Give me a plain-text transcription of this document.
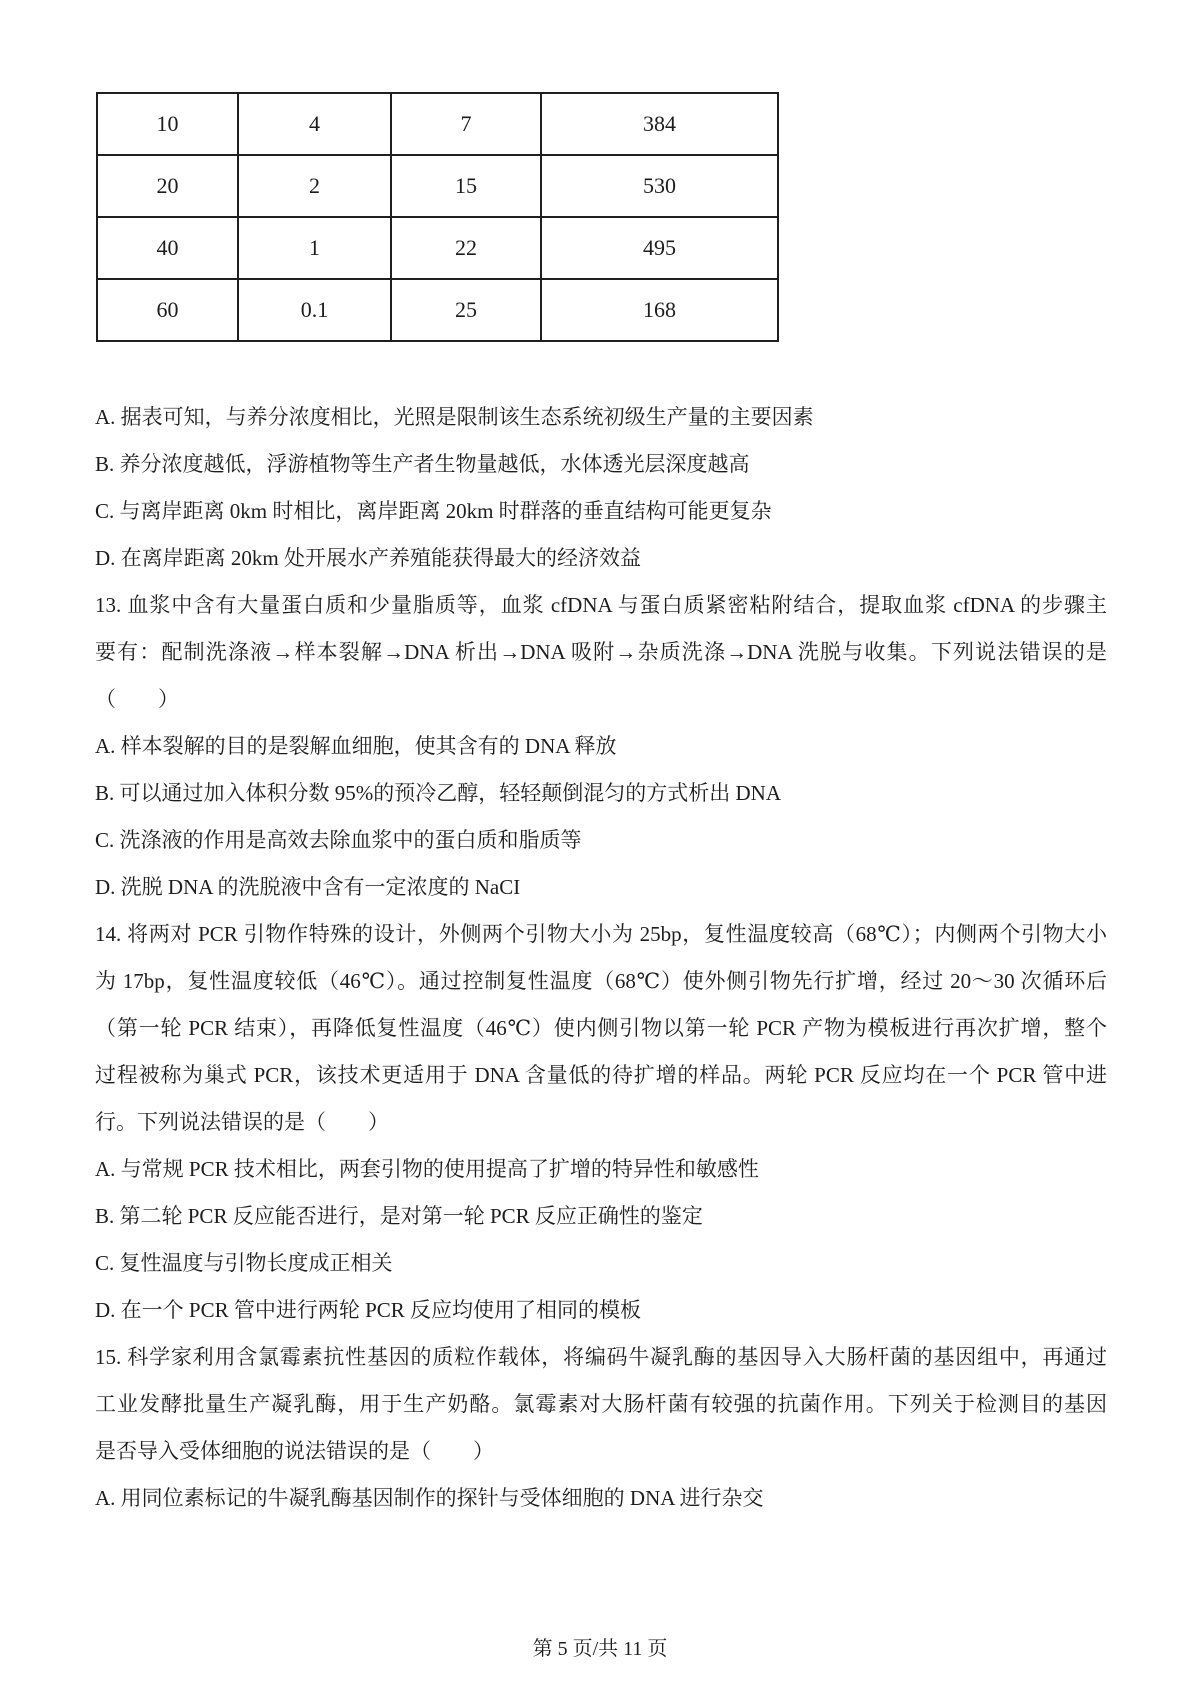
10	4	7	384
20	2	15	530
40	1	22	495
60	0.1	25	168
A. 据表可知，与养分浓度相比，光照是限制该生态系统初级生产量的主要因素
B. 养分浓度越低，浮游植物等生产者生物量越低，水体透光层深度越高
C. 与离岸距离 0km 时相比，离岸距离 20km 时群落的垂直结构可能更复杂
D. 在离岸距离 20km 处开展水产养殖能获得最大的经济效益
13. 血浆中含有大量蛋白质和少量脂质等，血浆 cfDNA 与蛋白质紧密粘附结合，提取血浆 cfDNA 的步骤主
要有：配制洗涤液→样本裂解→DNA 析出→DNA 吸附→杂质洗涤→DNA 洗脱与收集。下列说法错误的是
（　　）
A. 样本裂解的目的是裂解血细胞，使其含有的 DNA 释放
B. 可以通过加入体积分数 95%的预冷乙醇，轻轻颠倒混匀的方式析出 DNA
C. 洗涤液的作用是高效去除血浆中的蛋白质和脂质等
D. 洗脱 DNA 的洗脱液中含有一定浓度的 NaCI
14. 将两对 PCR 引物作特殊的设计，外侧两个引物大小为 25bp，复性温度较高（68℃）；内侧两个引物大小
为 17bp，复性温度较低（46℃）。通过控制复性温度（68℃）使外侧引物先行扩增，经过 20～30 次循环后
（第一轮 PCR 结束），再降低复性温度（46℃）使内侧引物以第一轮 PCR 产物为模板进行再次扩增，整个
过程被称为巢式 PCR，该技术更适用于 DNA 含量低的待扩增的样品。两轮 PCR 反应均在一个 PCR 管中进
行。下列说法错误的是（　　）
A. 与常规 PCR 技术相比，两套引物的使用提高了扩增的特异性和敏感性
B. 第二轮 PCR 反应能否进行，是对第一轮 PCR 反应正确性的鉴定
C. 复性温度与引物长度成正相关
D. 在一个 PCR 管中进行两轮 PCR 反应均使用了相同的模板
15. 科学家利用含氯霉素抗性基因的质粒作载体，将编码牛凝乳酶的基因导入大肠杆菌的基因组中，再通过
工业发酵批量生产凝乳酶，用于生产奶酪。氯霉素对大肠杆菌有较强的抗菌作用。下列关于检测目的基因
是否导入受体细胞的说法错误的是（　　）
A. 用同位素标记的牛凝乳酶基因制作的探针与受体细胞的 DNA 进行杂交
第 5 页/共 11 页
